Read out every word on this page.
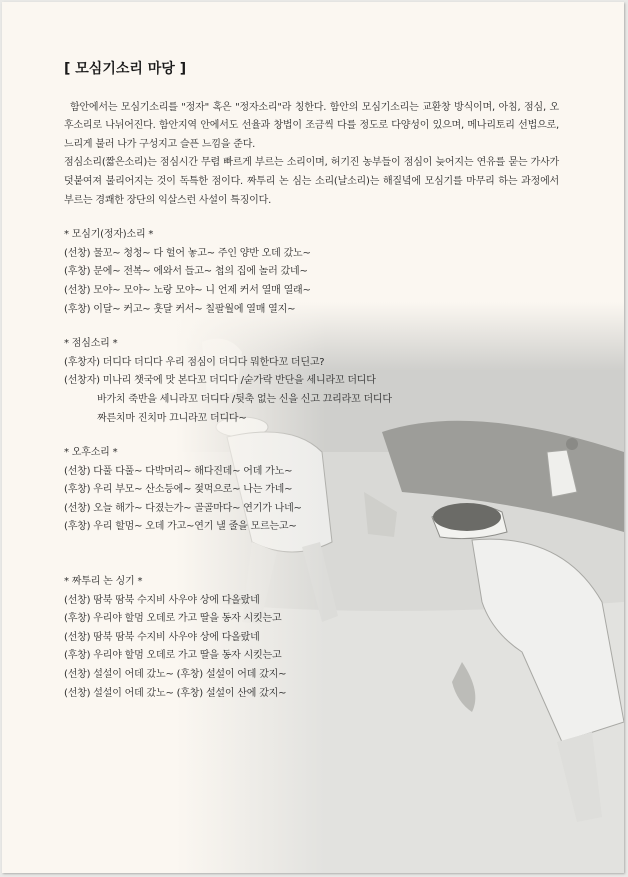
[ 모심기소리 마당 ]

함안에서는 모심기소리를 "정자" 혹은 "정자소리"라 칭한다. 함안의 모심기소리는 교환창 방식이며, 아침, 점심, 오후소리로 나뉘어진다. 함안지역 안에서도 선율과 창법이 조금씩 다를 정도로 다양성이 있으며, 메나리토리 선법으로, 느리게 불러 나가 구성지고 슬픈 느낌을 준다.

점심소리(짧은소리)는 점심시간 무렵 빠르게 부르는 소리이며, 허기진 농부들이 점심이 늦어지는 연유를 묻는 가사가 덧붙여져 불리어지는 것이 독특한 점이다. 짜투리 논 심는 소리(날소리)는 해질녘에 모심기를 마무리 하는 과정에서 부르는 경쾌한 장단의 익살스런 사설이 특징이다.

* 모심기(정자)소리 *

(선창) 물꼬~ 청청~ 다 헐어 놓고~ 주인 양반 오데 갔노~

(후창) 문에~ 전복~ 에와서 들고~ 첩의 집에 놀러 갔네~

(선창) 모야~ 모야~ 노랑 모야~ 니 언제 커서 열매 열래~

(후창) 이달~ 커고~ 훗달 커서~ 칠팔월에 열매 열지~

* 점심소리 *

(후창자) 더디다 더디다 우리 점심이 더디다 뭐한다꼬 더딘고?

(선창자) 미나리 챗국에 맛 본다꼬 더디다 /숟가락 반단을 세니라꼬 더디다

바가치 죽반을 세니라꼬 더디다 /뒷축 없는 신을 신고 끄리라꼬 더디다

짜른치마 진치마 끄니라꼬 더디다~

* 오후소리 *

(선창) 다풀 다풀~ 다박머리~ 해다진데~ 어데 가노~

(후창) 우리 부모~ 산소등에~ 젖먹으로~ 나는 가네~

(선창) 오늘 해가~ 다졌는가~ 골골마다~ 연기가 나네~

(후창) 우리 할멈~ 오데 가고~연기 낼 줄을 모르는고~

* 짜투리 논 싱기 *

(선창) 땀북 땀북 수지비 사우야 상에 다올랐네

(후창) 우리야 할멈 오데로 가고 딸을 동자 시킷는고

(선창) 땀북 땀북 수지비 사우야 상에 다올랐네

(후창) 우리야 할멈 오데로 가고 딸을 동자 시킷는고

(선창) 설설이 어데 갔노~ (후창) 설설이 어데 갔지~

(선창) 설설이 어데 갔노~ (후창) 설설이 산에 갔지~
